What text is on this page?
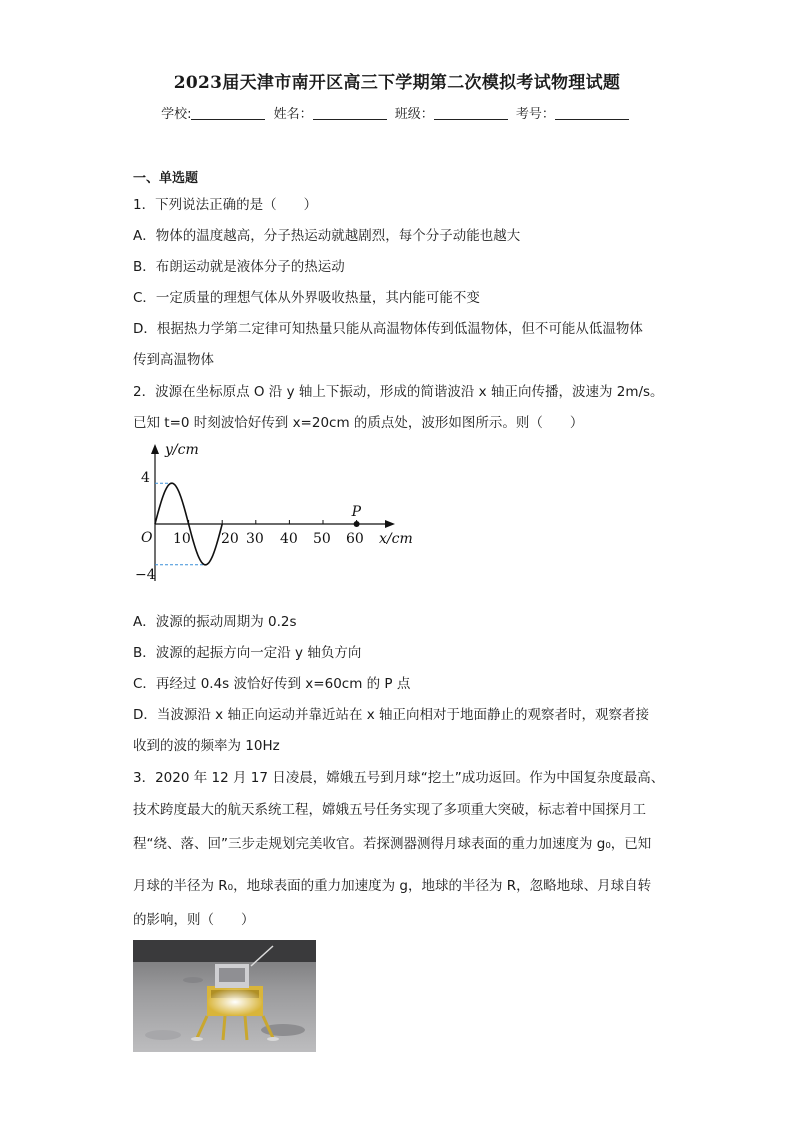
2023届天津市南开区高三下学期第二次模拟考试物理试题
学校:	姓名：	班级：	考号：
一、单选题
1．下列说法正确的是（　　）
A．物体的温度越高，分子热运动就越剧烈，每个分子动能也越大
B．布朗运动就是液体分子的热运动
C．一定质量的理想气体从外界吸收热量，其内能可能不变
D．根据热力学第二定律可知热量只能从高温物体传到低温物体，但不可能从低温物体
传到高温物体
2．波源在坐标原点 O 沿 y 轴上下振动，形成的简谐波沿 x 轴正向传播，波速为 2m/s。
已知 t=0 时刻波恰好传到 x=20cm 的质点处，波形如图所示。则（　　）
y/cm
x/cm
O
P
4
−4
10 20 30 40 50 60
A．波源的振动周期为 0.2s
B．波源的起振方向一定沿 y 轴负方向
C．再经过 0.4s 波恰好传到 x=60cm 的 P 点
D．当波源沿 x 轴正向运动并靠近站在 x 轴正向相对于地面静止的观察者时，观察者接
收到的波的频率为 10Hz
3．2020 年 12 月 17 日凌晨，嫦娥五号到月球“挖土”成功返回。作为中国复杂度最高、
技术跨度最大的航天系统工程，嫦娥五号任务实现了多项重大突破，标志着中国探月工
程“绕、落、回”三步走规划完美收官。若探测器测得月球表面的重力加速度为 g₀，已知
月球的半径为 R₀，地球表面的重力加速度为 g，地球的半径为 R，忽略地球、月球自转
的影响，则（　　）
